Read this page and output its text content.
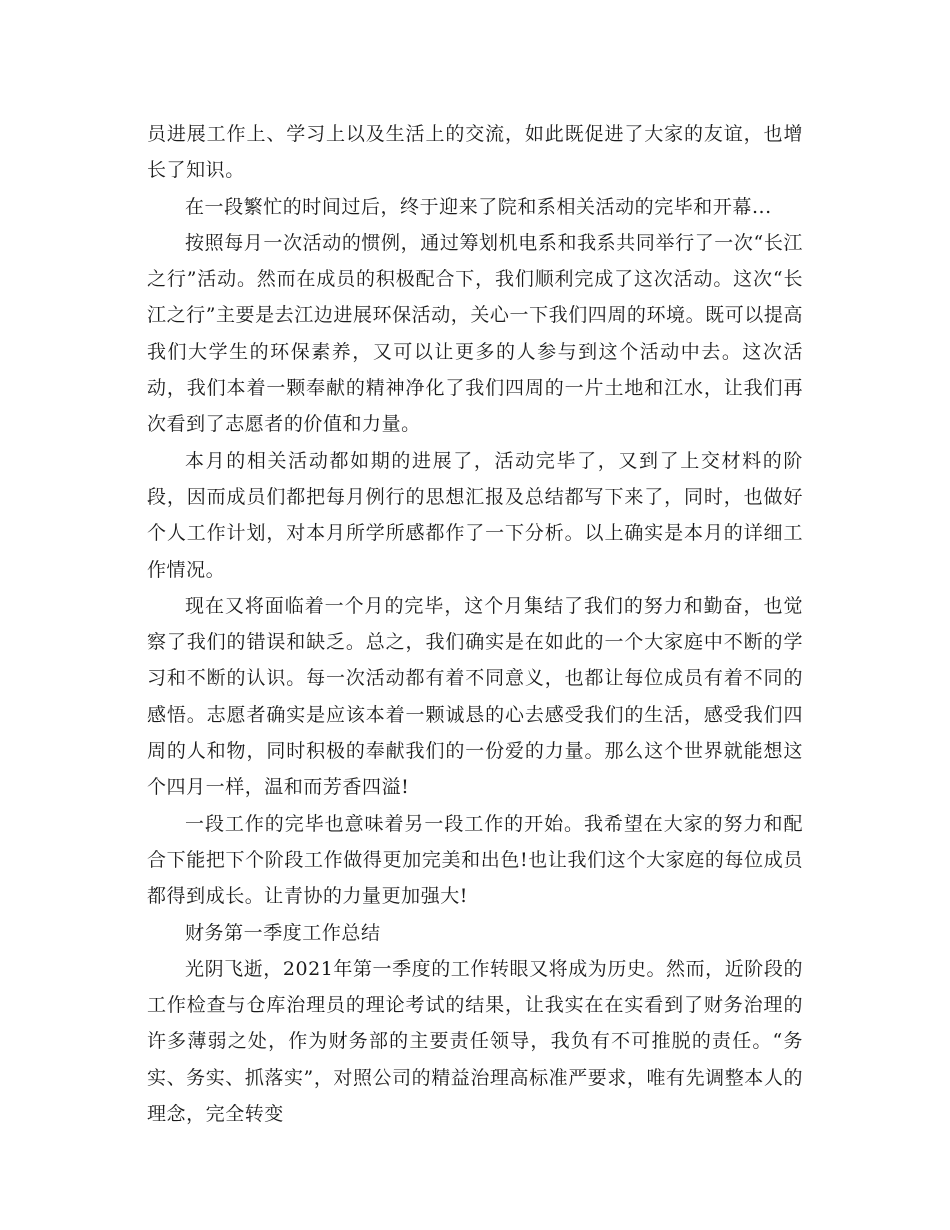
员进展工作上、学习上以及生活上的交流，如此既促进了大家的友谊，也增长了知识。

在一段繁忙的时间过后，终于迎来了院和系相关活动的完毕和开幕...

按照每月一次活动的惯例，通过筹划机电系和我系共同举行了一次“长江之行”活动。然而在成员的积极配合下，我们顺利完成了这次活动。这次“长江之行”主要是去江边进展环保活动，关心一下我们四周的环境。既可以提高我们大学生的环保素养，又可以让更多的人参与到这个活动中去。这次活动，我们本着一颗奉献的精神净化了我们四周的一片土地和江水，让我们再次看到了志愿者的价值和力量。

本月的相关活动都如期的进展了，活动完毕了，又到了上交材料的阶段，因而成员们都把每月例行的思想汇报及总结都写下来了，同时，也做好个人工作计划，对本月所学所感都作了一下分析。以上确实是本月的详细工作情况。

现在又将面临着一个月的完毕，这个月集结了我们的努力和勤奋，也觉察了我们的错误和缺乏。总之，我们确实是在如此的一个大家庭中不断的学习和不断的认识。每一次活动都有着不同意义，也都让每位成员有着不同的感悟。志愿者确实是应该本着一颗诚恳的心去感受我们的生活，感受我们四周的人和物，同时积极的奉献我们的一份爱的力量。那么这个世界就能想这个四月一样，温和而芳香四溢!

一段工作的完毕也意味着另一段工作的开始。我希望在大家的努力和配合下能把下个阶段工作做得更加完美和出色!也让我们这个大家庭的每位成员都得到成长。让青协的力量更加强大!

财务第一季度工作总结

光阴飞逝，2021年第一季度的工作转眼又将成为历史。然而，近阶段的工作检查与仓库治理员的理论考试的结果，让我实在在实看到了财务治理的许多薄弱之处，作为财务部的主要责任领导，我负有不可推脱的责任。“务实、务实、抓落实”，对照公司的精益治理高标准严要求，唯有先调整本人的理念，完全转变
